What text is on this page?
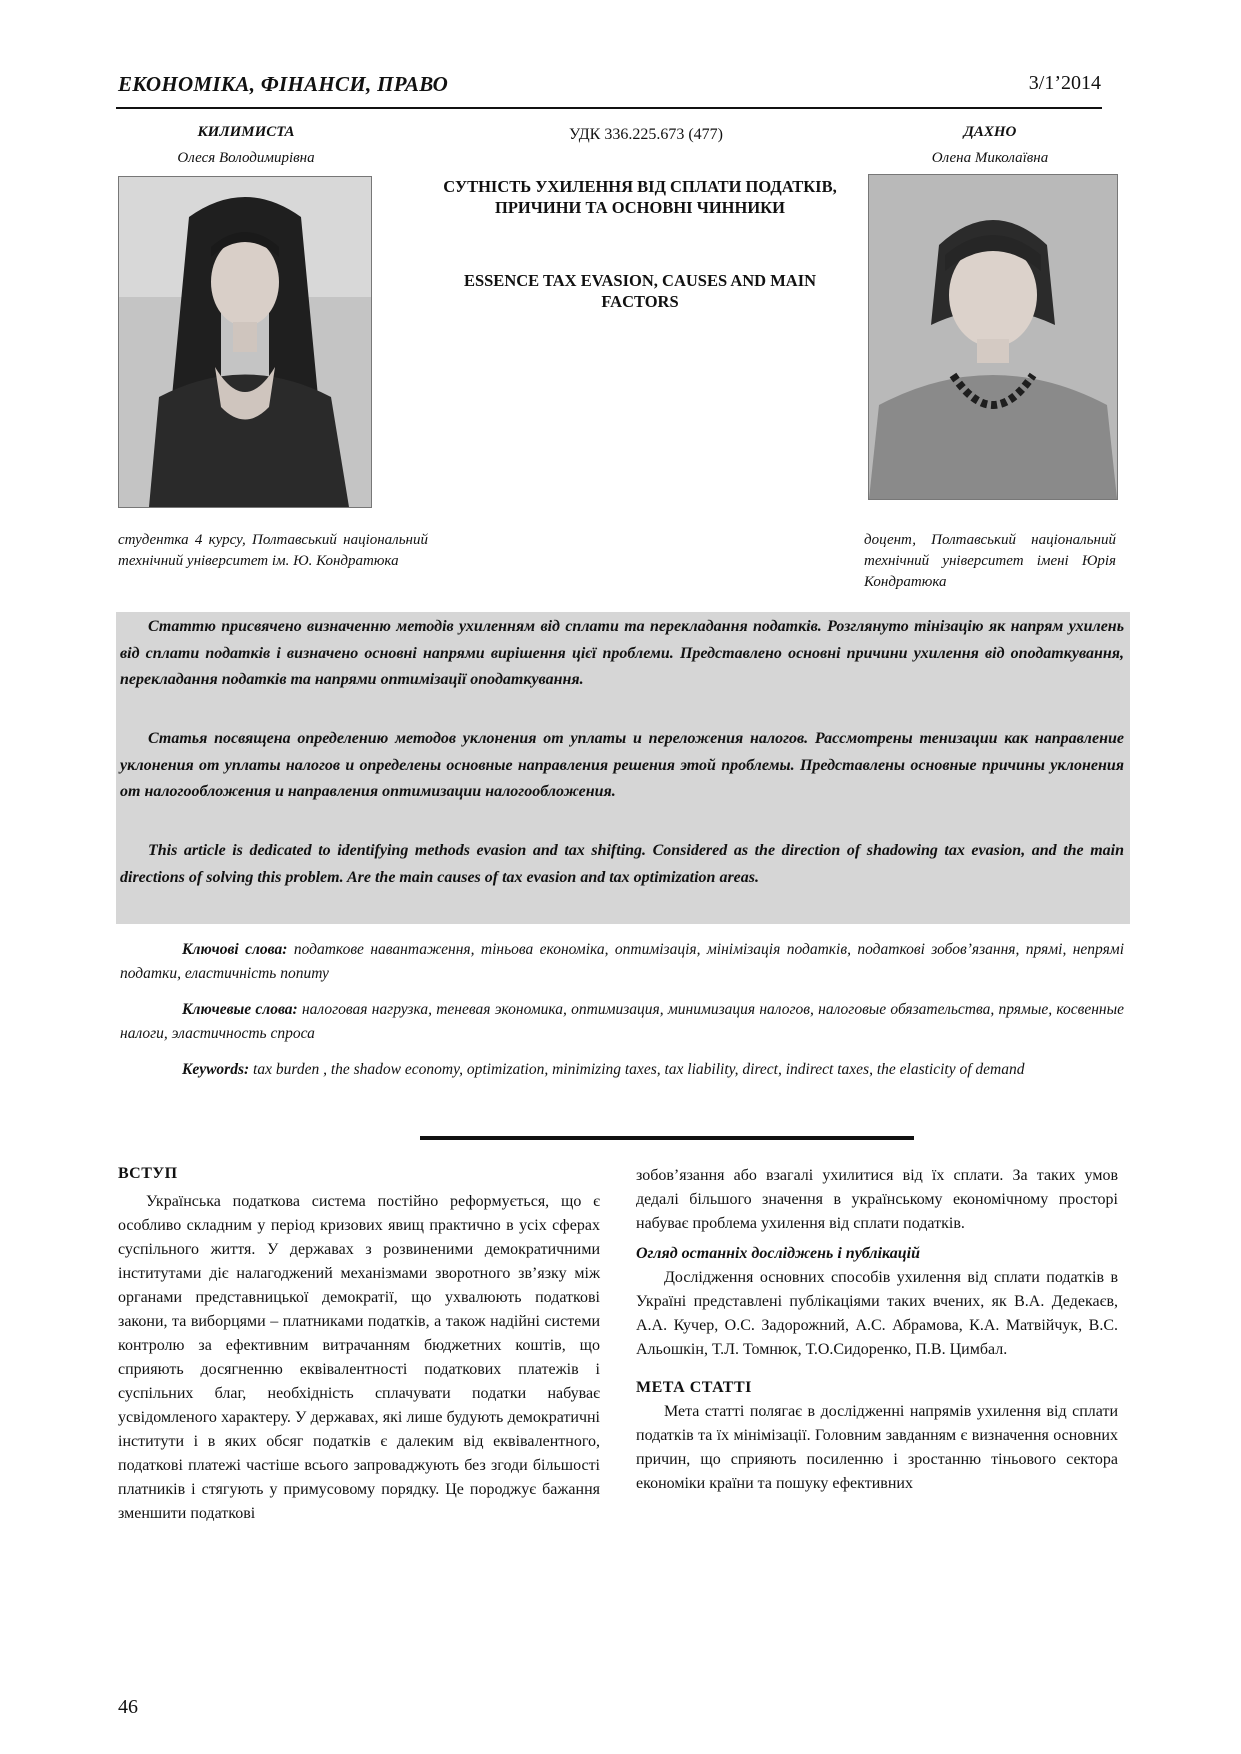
ЕКОНОМІКА, ФІНАНСИ, ПРАВО	3/1’2014
КИЛИМИСТА
Олеся Володимирівна
студентка 4 курсу, Полтавський національний технічний університет ім. Ю. Кондратюка
УДК 336.225.673 (477)
СУТНІСТЬ УХИЛЕННЯ ВІД СПЛАТИ ПОДАТКІВ, ПРИЧИНИ ТА ОСНОВНІ ЧИННИКИ
ESSENCE TAX EVASION, CAUSES AND MAIN FACTORS
ДАХНО
Олена Миколаївна
доцент, Полтавський національний технічний університет імені Юрія Кондратюка
Статтю присвячено визначенню методів ухиленням від сплати та перекладання податків. Розглянуто тінізацію як напрям ухилень від сплати податків і визначено основні напрями вирішення цієї проблеми. Представлено основні причини ухилення від оподаткування, перекладання податків та напрями оптимізації оподаткування.
Статья посвящена определению методов уклонения от уплаты и переложения налогов. Рассмотрены тенизации как направление уклонения от уплаты налогов и определены основные направления решения этой проблемы. Представлены основные причины уклонения от налогообложения и направления оптимизации налогообложения.
This article is dedicated to identifying methods evasion and tax shifting. Considered as the direction of shadowing tax evasion, and the main directions of solving this problem. Are the main causes of tax evasion and tax optimization areas.
Ключові слова: податкове навантаження, тіньова економіка, оптимізація, мінімізація податків, податкові зобов’язання, прямі, непрямі податки, еластичність попиту
Ключевые слова: налоговая нагрузка, теневая экономика, оптимизация, минимизация налогов, налоговые обязательства, прямые, косвенные налоги, эластичность спроса
Keywords: tax burden , the shadow economy, optimization, minimizing taxes, tax liability, direct, indirect taxes, the elasticity of demand
ВСТУП

Українська податкова система постійно реформується, що є особливо складним у період кризових явищ практично в усіх сферах суспільного життя. У державах з розвиненими демократичними інститутами діє налагоджений механізмами зворотного зв’язку між органами представницької демократії, що ухвалюють податкові закони, та виборцями – платниками податків, а також надійні системи контролю за ефективним витрачанням бюджетних коштів, що сприяють досягненню еквівалентності податкових платежів і суспільних благ, необхідність сплачувати податки набуває усвідомленого характеру. У державах, які лише будують демократичні інститути і в яких обсяг податків є далеким від еквівалентного, податкові платежі частіше всього запроваджують без згоди більшості платників і стягують у примусовому порядку. Це породжує бажання зменшити податкові

зобов’язання або взагалі ухилитися від їх сплати. За таких умов дедалі більшого значення в українському економічному просторі набуває проблема ухилення від сплати податків.

Огляд останніх досліджень і публікацій

Дослідження основних способів ухилення від сплати податків в Україні представлені публікаціями таких вчених, як В.А. Дедекаєв, А.А. Кучер, О.С. Задорожний, А.С. Абрамова, К.А. Матвійчук, В.С. Альошкін, Т.Л. Томнюк, Т.О.Сидоренко, П.В. Цимбал.

МЕТА СТАТТІ

Мета статті полягає в дослідженні напрямів ухилення від сплати податків та їх мінімізації. Головним завданням є визначення основних причин, що сприяють посиленню і зростанню тіньового сектора економіки країни та пошуку ефективних

46
